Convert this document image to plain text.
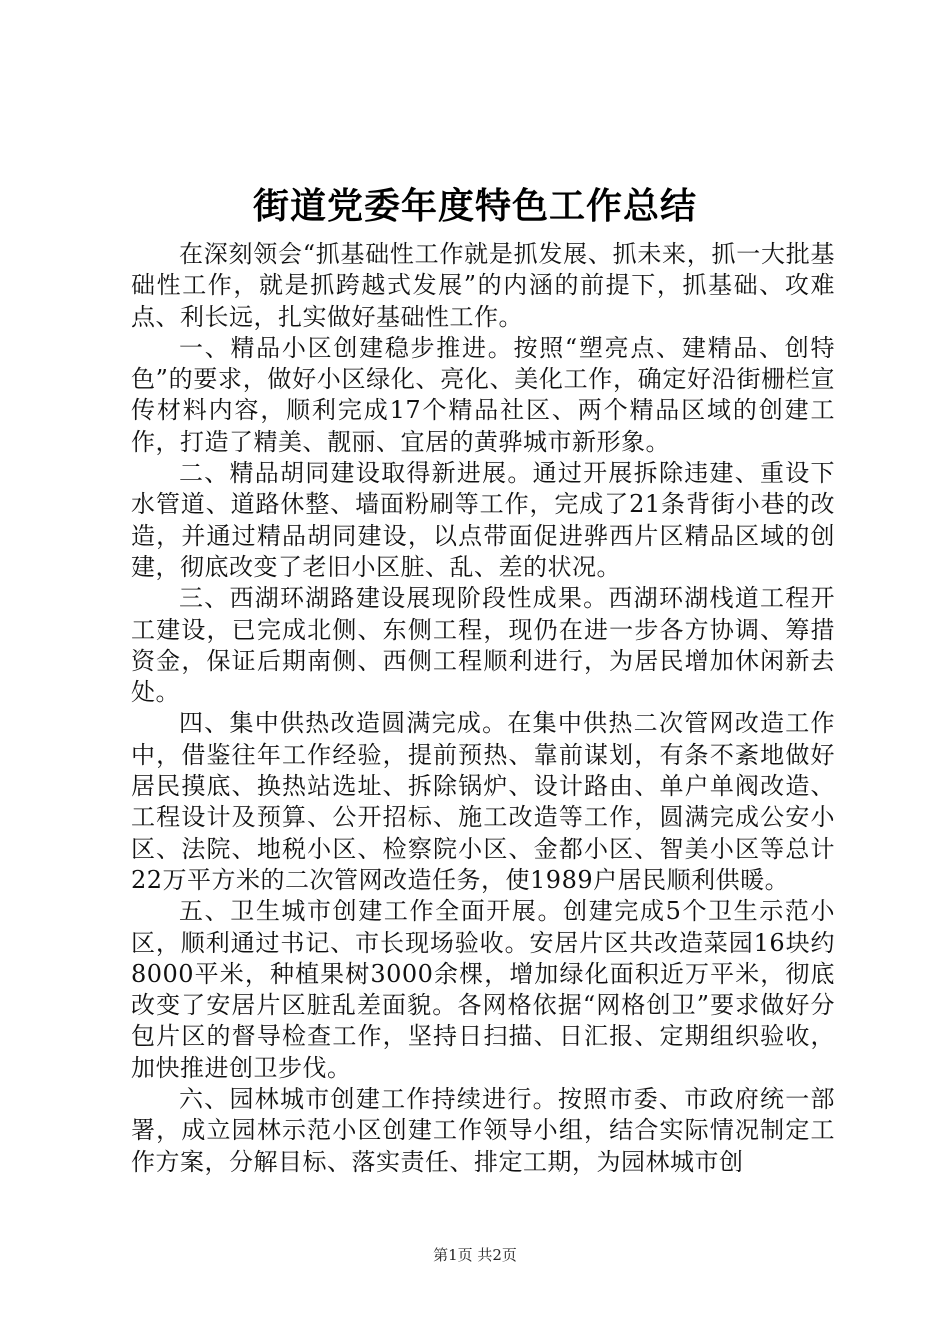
街道党委年度特色工作总结

在深刻领会“抓基础性工作就是抓发展、抓未来，抓一大批基础性工作，就是抓跨越式发展”的内涵的前提下，抓基础、攻难点、利长远，扎实做好基础性工作。

一、精品小区创建稳步推进。按照“塑亮点、建精品、创特色”的要求，做好小区绿化、亮化、美化工作，确定好沿街栅栏宣传材料内容，顺利完成17个精品社区、两个精品区域的创建工作，打造了精美、靓丽、宜居的黄骅城市新形象。

二、精品胡同建设取得新进展。通过开展拆除违建、重设下水管道、道路休整、墙面粉刷等工作，完成了21条背街小巷的改造，并通过精品胡同建设，以点带面促进骅西片区精品区域的创建，彻底改变了老旧小区脏、乱、差的状况。

三、西湖环湖路建设展现阶段性成果。西湖环湖栈道工程开工建设，已完成北侧、东侧工程，现仍在进一步各方协调、筹措资金，保证后期南侧、西侧工程顺利进行，为居民增加休闲新去处。

四、集中供热改造圆满完成。在集中供热二次管网改造工作中，借鉴往年工作经验，提前预热、靠前谋划，有条不紊地做好居民摸底、换热站选址、拆除锅炉、设计路由、单户单阀改造、工程设计及预算、公开招标、施工改造等工作，圆满完成公安小区、法院、地税小区、检察院小区、金都小区、智美小区等总计22万平方米的二次管网改造任务，使1989户居民顺利供暖。

五、卫生城市创建工作全面开展。创建完成5个卫生示范小区，顺利通过书记、市长现场验收。安居片区共改造菜园16块约8000平米，种植果树3000余棵，增加绿化面积近万平米，彻底改变了安居片区脏乱差面貌。各网格依据“网格创卫”要求做好分包片区的督导检查工作，坚持日扫描、日汇报、定期组织验收，加快推进创卫步伐。

六、园林城市创建工作持续进行。按照市委、市政府统一部署，成立园林示范小区创建工作领导小组，结合实际情况制定工作方案，分解目标、落实责任、排定工期，为园林城市创

第1页 共2页
